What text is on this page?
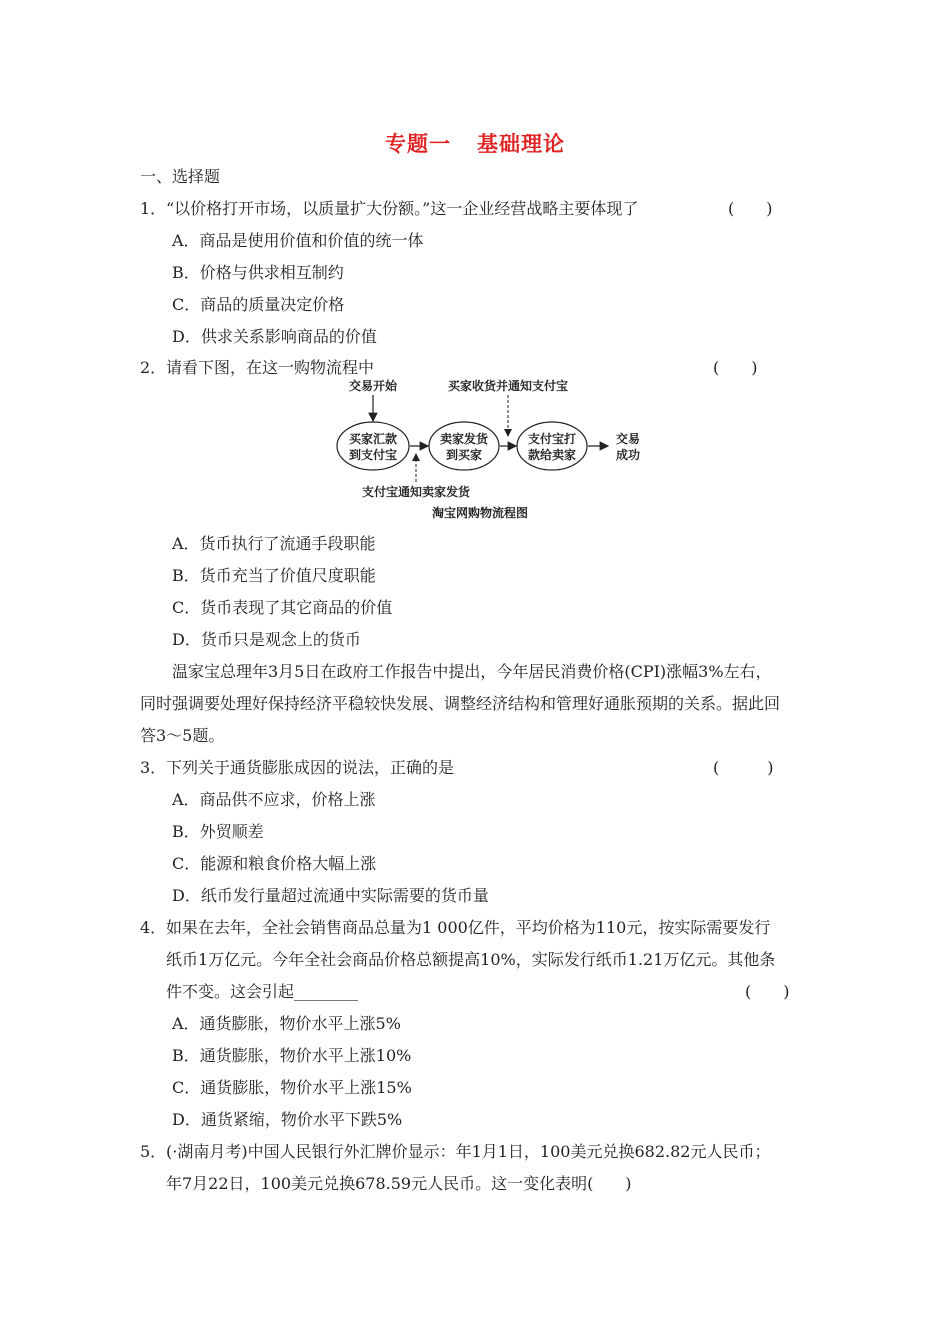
专题一 基础理论
一、选择题
1．“以价格打开市场，以质量扩大份额。”这一企业经营战略主要体现了	(　　)
A．商品是使用价值和价值的统一体
B．价格与供求相互制约
C．商品的质量决定价格
D．供求关系影响商品的价值
2．请看下图，在这一购物流程中	(　　)
交易开始	买家收货并通知支付宝
买家汇款
到支付宝
卖家发货
到买家
支付宝打
款给卖家
交易
成功
支付宝通知卖家发货
淘宝网购物流程图
A．货币执行了流通手段职能
B．货币充当了价值尺度职能
C．货币表现了其它商品的价值
D．货币只是观念上的货币
温家宝总理年3月5日在政府工作报告中提出，今年居民消费价格(CPI)涨幅3%左右，
同时强调要处理好保持经济平稳较快发展、调整经济结构和管理好通胀预期的关系。据此回
答3～5题。
3．下列关于通货膨胀成因的说法，正确的是	(　　　)
A．商品供不应求，价格上涨
B．外贸顺差
C．能源和粮食价格大幅上涨
D．纸币发行量超过流通中实际需要的货币量
4．如果在去年，全社会销售商品总量为1 000亿件，平均价格为110元，按实际需要发行
纸币1万亿元。今年全社会商品价格总额提高10%，实际发行纸币1.21万亿元。其他条
件不变。这会引起________	(　　)
A．通货膨胀，物价水平上涨5%
B．通货膨胀，物价水平上涨10%
C．通货膨胀，物价水平上涨15%
D．通货紧缩，物价水平下跌5%
5．(·湖南月考)中国人民银行外汇牌价显示：年1月1日，100美元兑换682.82元人民币；
年7月22日，100美元兑换678.59元人民币。这一变化表明(　　)
